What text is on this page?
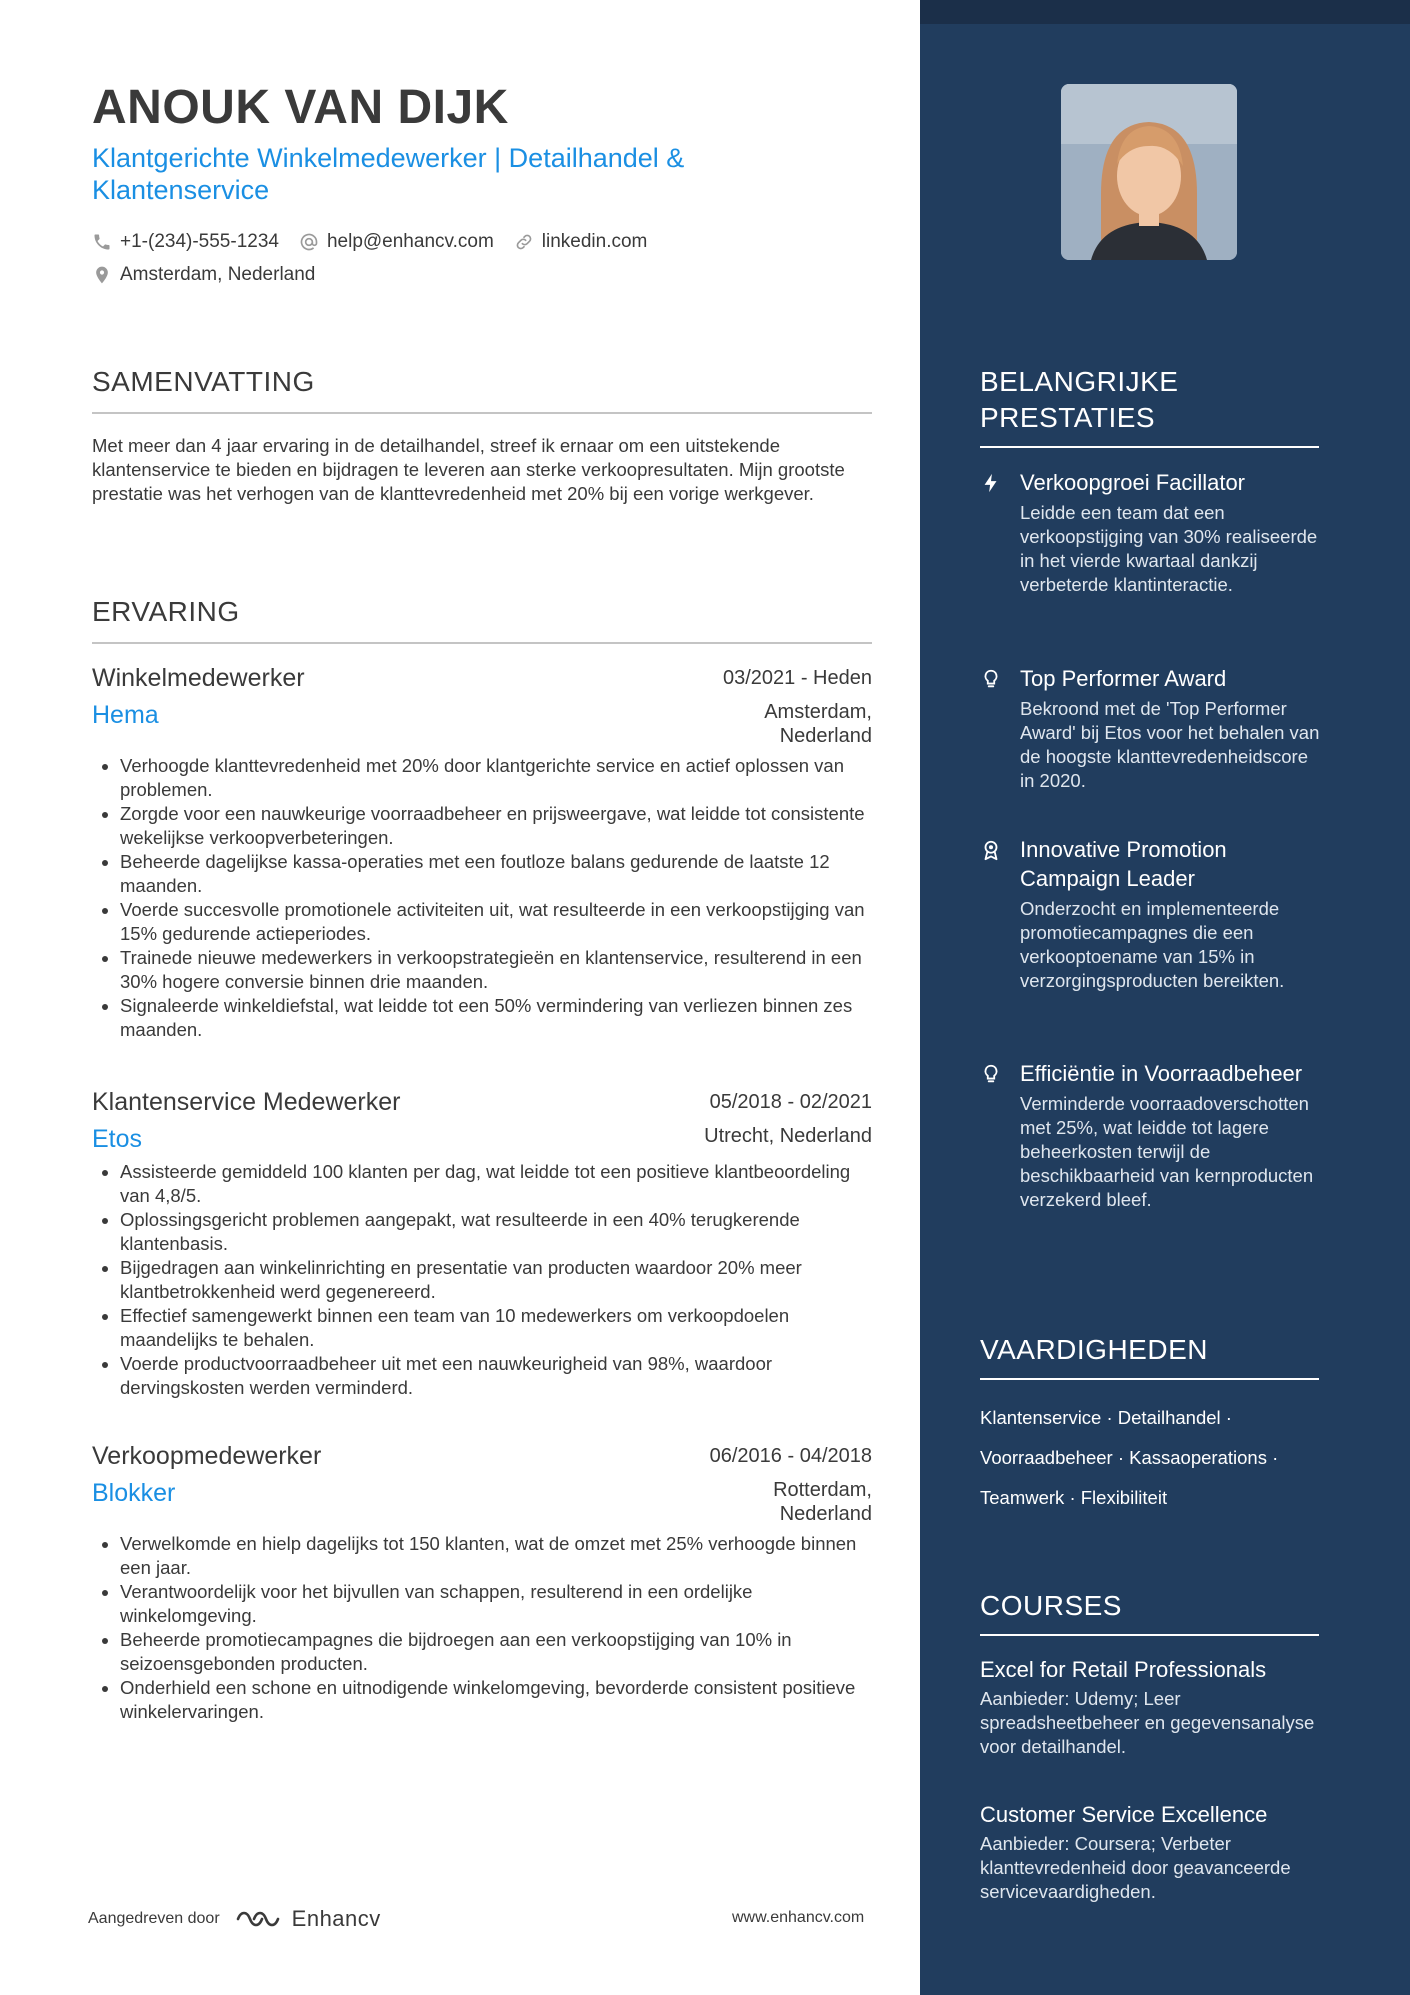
ANOUK VAN DIJK
Klantgerichte Winkelmedewerker | Detailhandel & Klantenservice
+1-(234)-555-1234	help@enhancv.com	linkedin.com
Amsterdam, Nederland
SAMENVATTING
Met meer dan 4 jaar ervaring in de detailhandel, streef ik ernaar om een uitstekende klantenservice te bieden en bijdragen te leveren aan sterke verkoopresultaten. Mijn grootste prestatie was het verhogen van de klanttevredenheid met 20% bij een vorige werkgever.
ERVARING
Winkelmedewerker	03/2021 - Heden
Hema	Amsterdam, Nederland
• Verhoogde klanttevredenheid met 20% door klantgerichte service en actief oplossen van problemen.
• Zorgde voor een nauwkeurige voorraadbeheer en prijsweergave, wat leidde tot consistente wekelijkse verkoopverbeteringen.
• Beheerde dagelijkse kassa-operaties met een foutloze balans gedurende de laatste 12 maanden.
• Voerde succesvolle promotionele activiteiten uit, wat resulteerde in een verkoopstijging van 15% gedurende actieperiodes.
• Trainede nieuwe medewerkers in verkoopstrategieën en klantenservice, resulterend in een 30% hogere conversie binnen drie maanden.
• Signaleerde winkeldiefstal, wat leidde tot een 50% vermindering van verliezen binnen zes maanden.
Klantenservice Medewerker	05/2018 - 02/2021
Etos	Utrecht, Nederland
• Assisteerde gemiddeld 100 klanten per dag, wat leidde tot een positieve klantbeoordeling van 4,8/5.
• Oplossingsgericht problemen aangepakt, wat resulteerde in een 40% terugkerende klantenbasis.
• Bijgedragen aan winkelinrichting en presentatie van producten waardoor 20% meer klantbetrokkenheid werd gegenereerd.
• Effectief samengewerkt binnen een team van 10 medewerkers om verkoopdoelen maandelijks te behalen.
• Voerde productvoorraadbeheer uit met een nauwkeurigheid van 98%, waardoor dervingskosten werden verminderd.
Verkoopmedewerker	06/2016 - 04/2018
Blokker	Rotterdam, Nederland
• Verwelkomde en hielp dagelijks tot 150 klanten, wat de omzet met 25% verhoogde binnen een jaar.
• Verantwoordelijk voor het bijvullen van schappen, resulterend in een ordelijke winkelomgeving.
• Beheerde promotiecampagnes die bijdroegen aan een verkoopstijging van 10% in seizoensgebonden producten.
• Onderhield een schone en uitnodigende winkelomgeving, bevorderde consistent positieve winkelervaringen.
Aangedreven door	Enhancv	www.enhancv.com
BELANGRIJKE PRESTATIES
Verkoopgroei Facillator
Leidde een team dat een verkoopstijging van 30% realiseerde in het vierde kwartaal dankzij verbeterde klantinteractie.
Top Performer Award
Bekroond met de 'Top Performer Award' bij Etos voor het behalen van de hoogste klanttevredenheidscore in 2020.
Innovative Promotion Campaign Leader
Onderzocht en implementeerde promotiecampagnes die een verkooptoename van 15% in verzorgingsproducten bereikten.
Efficiëntie in Voorraadbeheer
Verminderde voorraadoverschotten met 25%, wat leidde tot lagere beheerkosten terwijl de beschikbaarheid van kernproducten verzekerd bleef.
VAARDIGHEDEN
Klantenservice · Detailhandel ·
Voorraadbeheer · Kassaoperations ·
Teamwerk · Flexibiliteit
COURSES
Excel for Retail Professionals
Aanbieder: Udemy; Leer spreadsheetbeheer en gegevensanalyse voor detailhandel.
Customer Service Excellence
Aanbieder: Coursera; Verbeter klanttevredenheid door geavanceerde servicevaardigheden.
